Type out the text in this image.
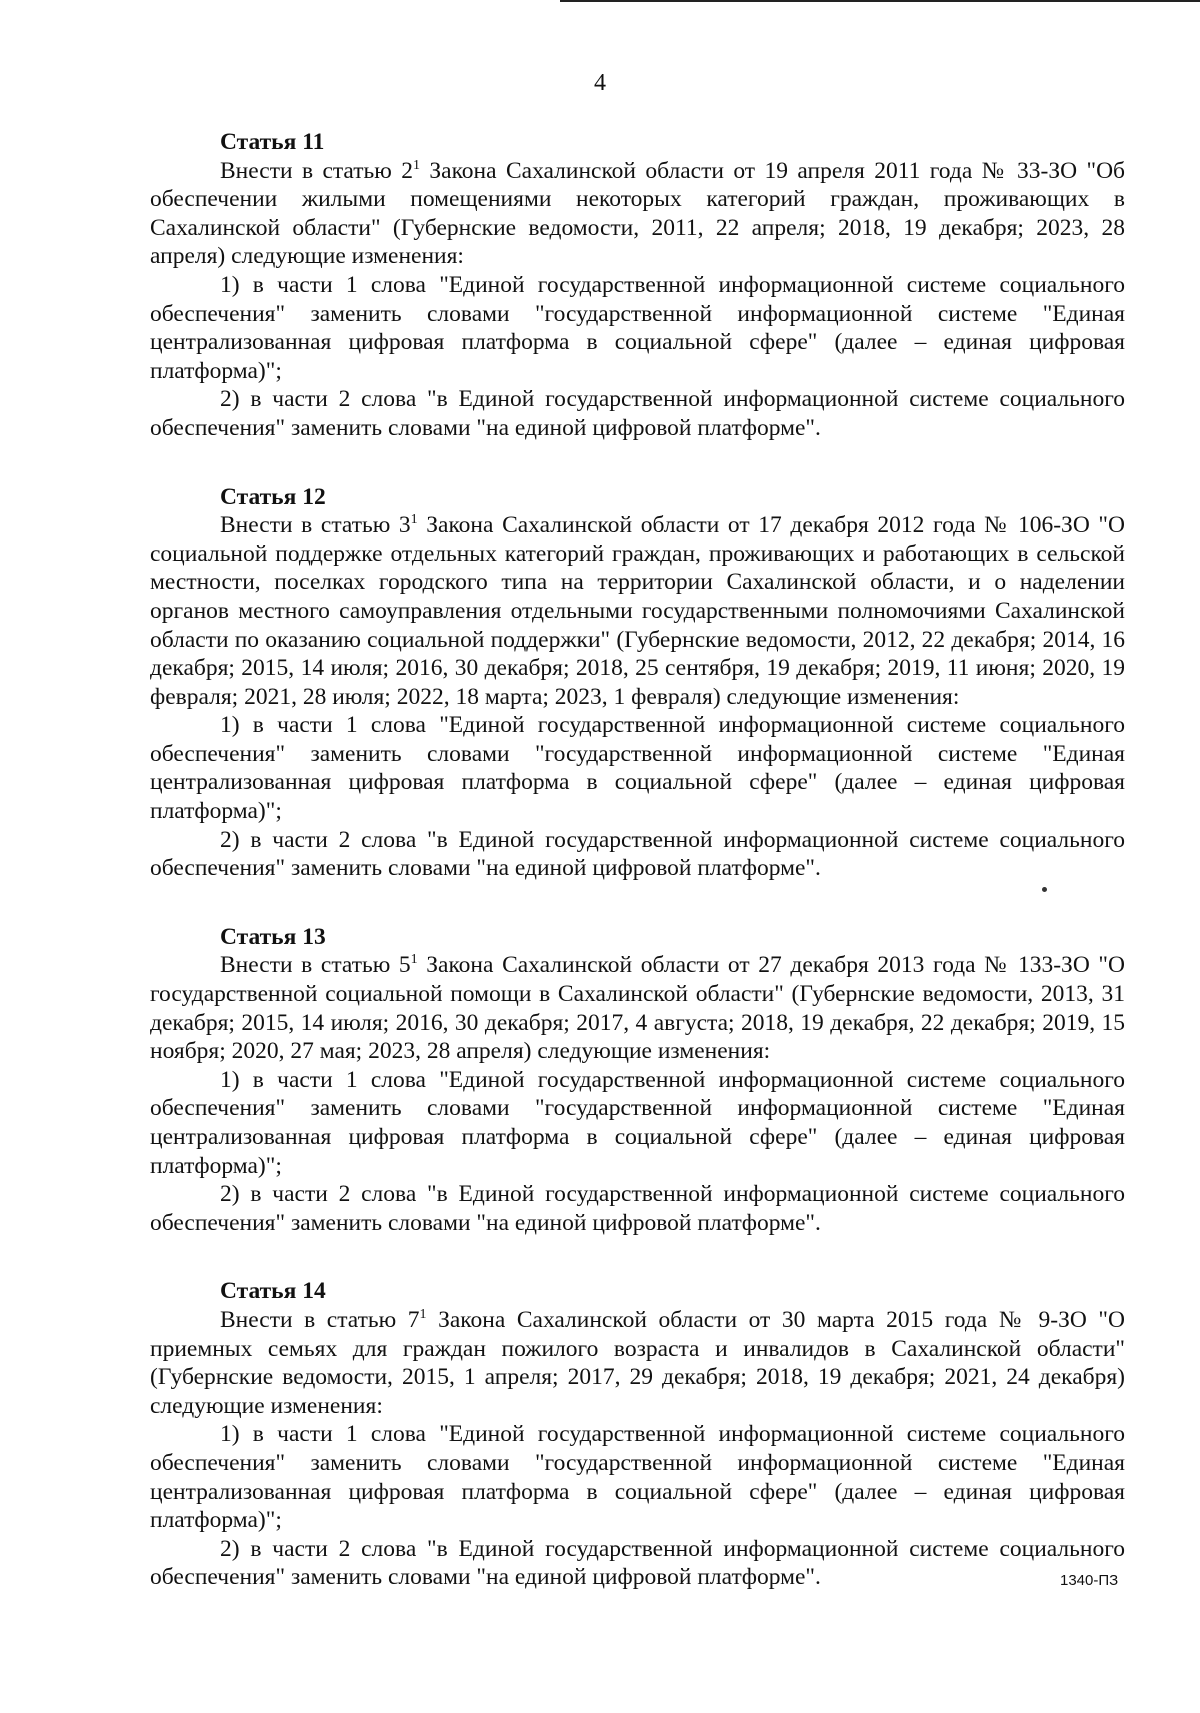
4
Статья 11

Внести в статью $2^1$ Закона Сахалинской области от 19 апреля 2011 года № 33-ЗО "Об обеспечении жилыми помещениями некоторых категорий граждан, проживающих в Сахалинской области" (Губернские ведомости, 2011, 22 апреля; 2018, 19 декабря; 2023, 28 апреля) следующие изменения:

1) в части 1 слова "Единой государственной информационной системе социального обеспечения" заменить словами "государственной информационной системе "Единая централизованная цифровая платформа в социальной сфере" (далее – единая цифровая платформа)";

2) в части 2 слова "в Единой государственной информационной системе социального обеспечения" заменить словами "на единой цифровой платформе".

Статья 12

Внести в статью $3^1$ Закона Сахалинской области от 17 декабря 2012 года № 106-ЗО "О социальной поддержке отдельных категорий граждан, проживающих и работающих в сельской местности, поселках городского типа на территории Сахалинской области, и о наделении органов местного самоуправления отдельными государственными полномочиями Сахалинской области по оказанию социальной поддержки" (Губернские ведомости, 2012, 22 декабря; 2014, 16 декабря; 2015, 14 июля; 2016, 30 декабря; 2018, 25 сентября, 19 декабря; 2019, 11 июня; 2020, 19 февраля; 2021, 28 июля; 2022, 18 марта; 2023, 1 февраля) следующие изменения:

1) в части 1 слова "Единой государственной информационной системе социального обеспечения" заменить словами "государственной информационной системе "Единая централизованная цифровая платформа в социальной сфере" (далее – единая цифровая платформа)";

2) в части 2 слова "в Единой государственной информационной системе социального обеспечения" заменить словами "на единой цифровой платформе".

Статья 13

Внести в статью $5^1$ Закона Сахалинской области от 27 декабря 2013 года № 133-ЗО "О государственной социальной помощи в Сахалинской области" (Губернские ведомости, 2013, 31 декабря; 2015, 14 июля; 2016, 30 декабря; 2017, 4 августа; 2018, 19 декабря, 22 декабря; 2019, 15 ноября; 2020, 27 мая; 2023, 28 апреля) следующие изменения:

1) в части 1 слова "Единой государственной информационной системе социального обеспечения" заменить словами "государственной информационной системе "Единая централизованная цифровая платформа в социальной сфере" (далее – единая цифровая платформа)";

2) в части 2 слова "в Единой государственной информационной системе социального обеспечения" заменить словами "на единой цифровой платформе".

Статья 14

Внести в статью $7^1$ Закона Сахалинской области от 30 марта 2015 года № 9-ЗО "О приемных семьях для граждан пожилого возраста и инвалидов в Сахалинской области" (Губернские ведомости, 2015, 1 апреля; 2017, 29 декабря; 2018, 19 декабря; 2021, 24 декабря) следующие изменения:

1) в части 1 слова "Единой государственной информационной системе социального обеспечения" заменить словами "государственной информационной системе "Единая централизованная цифровая платформа в социальной сфере" (далее – единая цифровая платформа)";

2) в части 2 слова "в Единой государственной информационной системе социального обеспечения" заменить словами "на единой цифровой платформе".	1340-ПЗ
